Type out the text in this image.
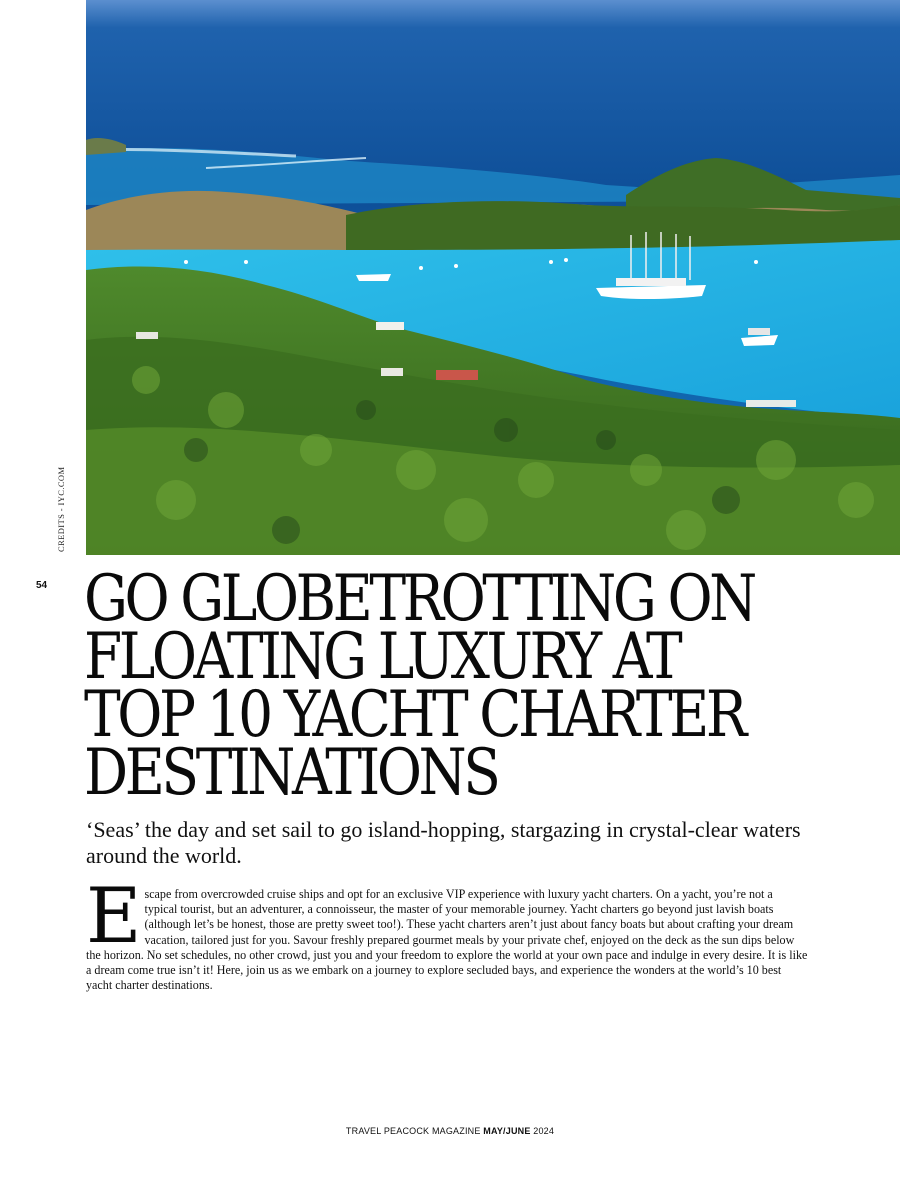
CREDITS - IYC.COM
54 GO GLOBETROTTING ON
FLOATING LUXURY AT
TOP 10 YACHT CHARTER
DESTINATIONS

‘Seas’ the day and set sail to go island-hopping, stargazing in crystal-clear waters around the world.

E scape from overcrowded cruise ships and opt for an exclusive VIP experience with luxury yacht charters. On a yacht, you’re not a typical tourist, but an adventurer, a connoisseur, the master of your memorable journey. Yacht charters go beyond just lavish boats (although let’s be honest, those are pretty sweet too!). These yacht charters aren’t just about fancy boats but about crafting your dream vacation, tailored just for you. Savour freshly prepared gourmet meals by your private chef, enjoyed on the deck as the sun dips below the horizon. No set schedules, no other crowd, just you and your freedom to explore the world at your own pace and indulge in every desire. It is like a dream come true isn’t it! Here, join us as we embark on a journey to explore secluded bays, and experience the wonders at the world’s 10 best yacht charter destinations.

TRAVEL PEACOCK MAGAZINE MAY/JUNE 2024
